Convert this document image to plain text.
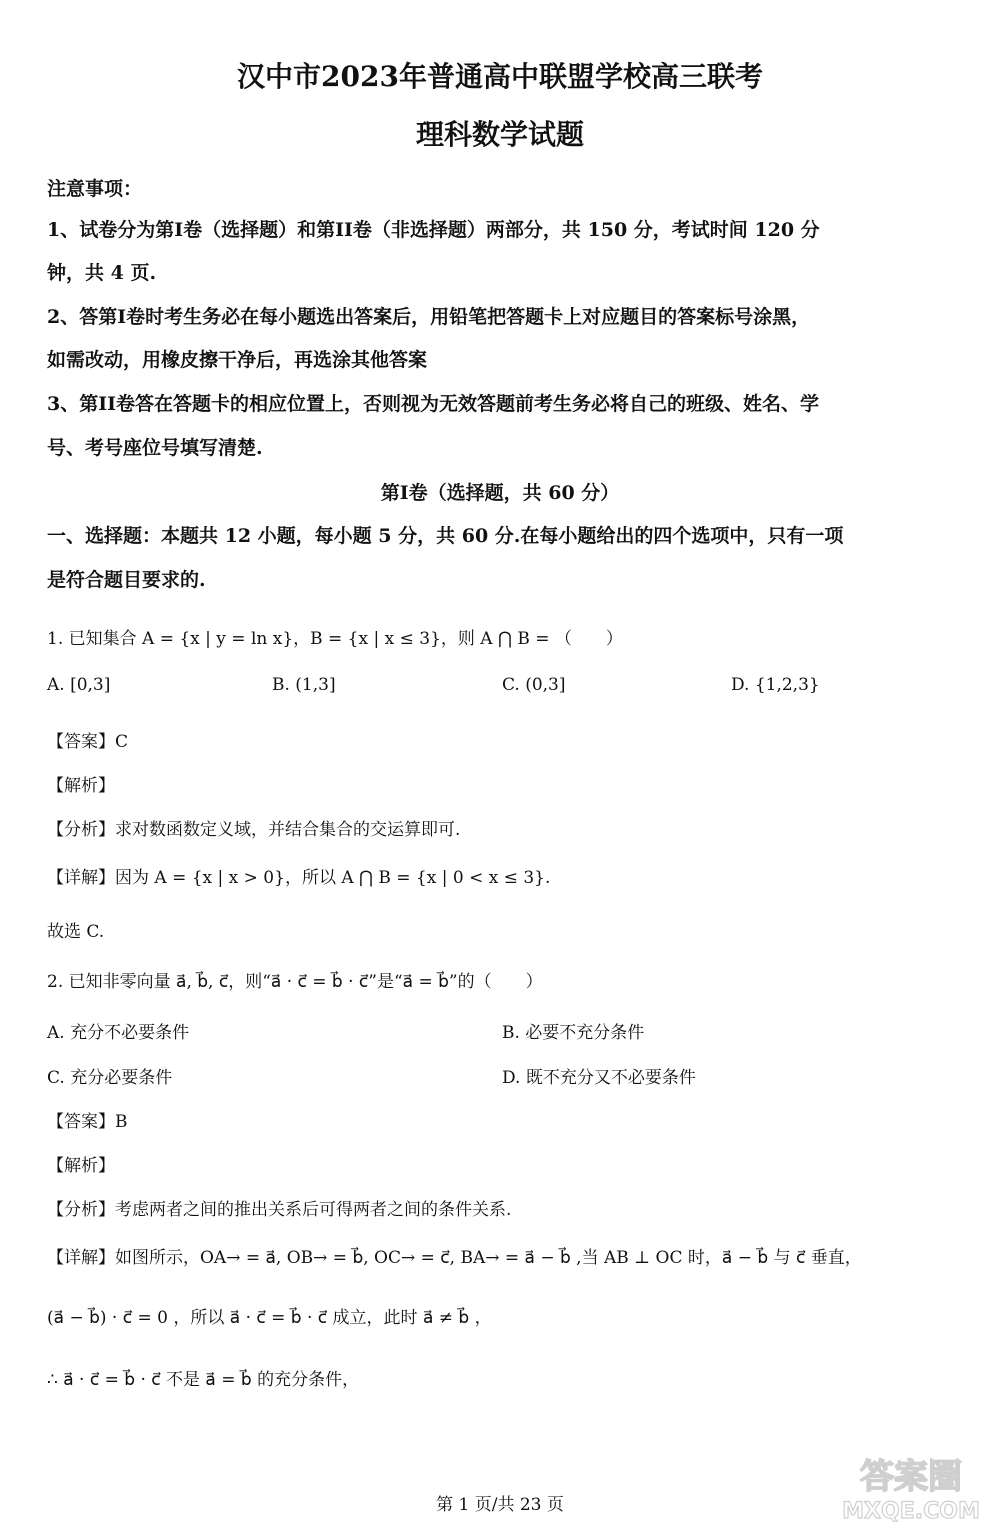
汉中市2023年普通高中联盟学校高三联考
理科数学试题
注意事项：
1、试卷分为第I卷（选择题）和第II卷（非选择题）两部分，共 150 分，考试时间 120 分
钟，共 4 页.
2、答第I卷时考生务必在每小题选出答案后，用铅笔把答题卡上对应题目的答案标号涂黑，
如需改动，用橡皮擦干净后，再选涂其他答案
3、第II卷答在答题卡的相应位置上，否则视为无效答题前考生务必将自己的班级、姓名、学
号、考号座位号填写清楚.
第I卷（选择题，共 60 分）
一、选择题：本题共 12 小题，每小题 5 分，共 60 分.在每小题给出的四个选项中，只有一项
是符合题目要求的.
1. 已知集合 A = {x | y = ln x}，B = {x | x ≤ 3}，则 A ⋂ B = （　　）
A. [0,3]	B. (1,3]	C. (0,3]	D. {1,2,3}
【答案】C
【解析】
【分析】求对数函数定义域，并结合集合的交运算即可.
【详解】因为 A = {x | x > 0}，所以 A ⋂ B = {x | 0 < x ≤ 3}.
故选 C.
2. 已知非零向量 a⃗, b⃗, c⃗，则“a⃗ · c⃗ = b⃗ · c⃗”是“a⃗ = b⃗”的（　　）
A. 充分不必要条件	B. 必要不充分条件
C. 充分必要条件	D. 既不充分又不必要条件
【答案】B
【解析】
【分析】考虑两者之间的推出关系后可得两者之间的条件关系.
【详解】如图所示，OA→ = a⃗, OB→ = b⃗, OC→ = c⃗, BA→ = a⃗ − b⃗ ,当 AB ⊥ OC 时，a⃗ − b⃗ 与 c⃗ 垂直，
(a⃗ − b⃗) · c⃗ = 0 ，所以 a⃗ · c⃗ = b⃗ · c⃗ 成立，此时 a⃗ ≠ b⃗ ，
∴ a⃗ · c⃗ = b⃗ · c⃗ 不是 a⃗ = b⃗ 的充分条件，
第 1 页/共 23 页
答案圈
MXQE.COM
